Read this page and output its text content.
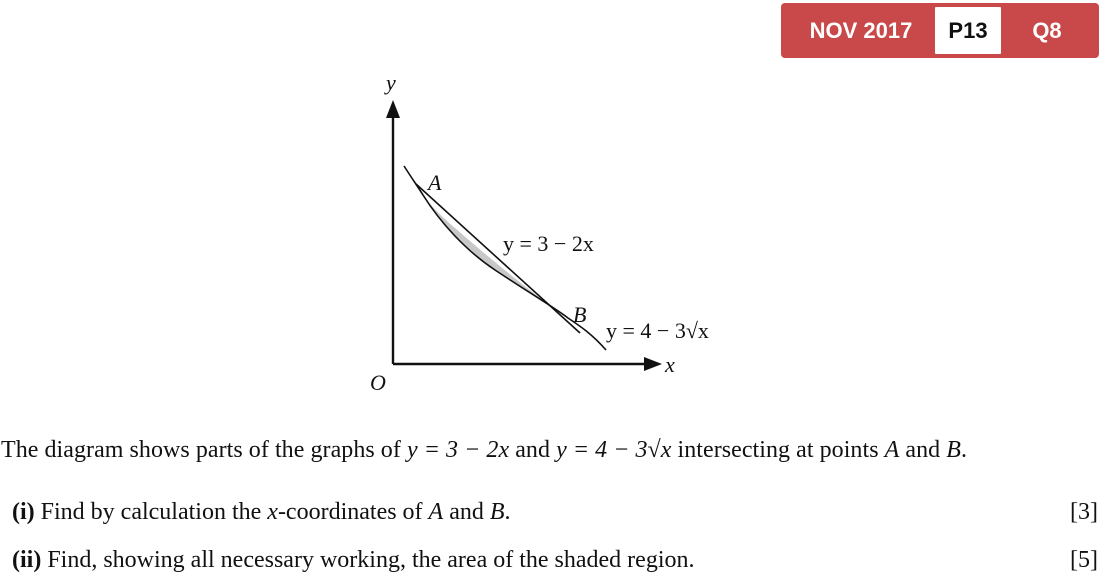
NOV 2017	P13	Q8
y
x
O
A
B
y = 3 − 2x
y = 4 − 3√x
The diagram shows parts of the graphs of y = 3 − 2x and y = 4 − 3√x intersecting at points A and B.
(i) Find by calculation the x-coordinates of A and B.	[3]
(ii) Find, showing all necessary working, the area of the shaded region.	[5]
